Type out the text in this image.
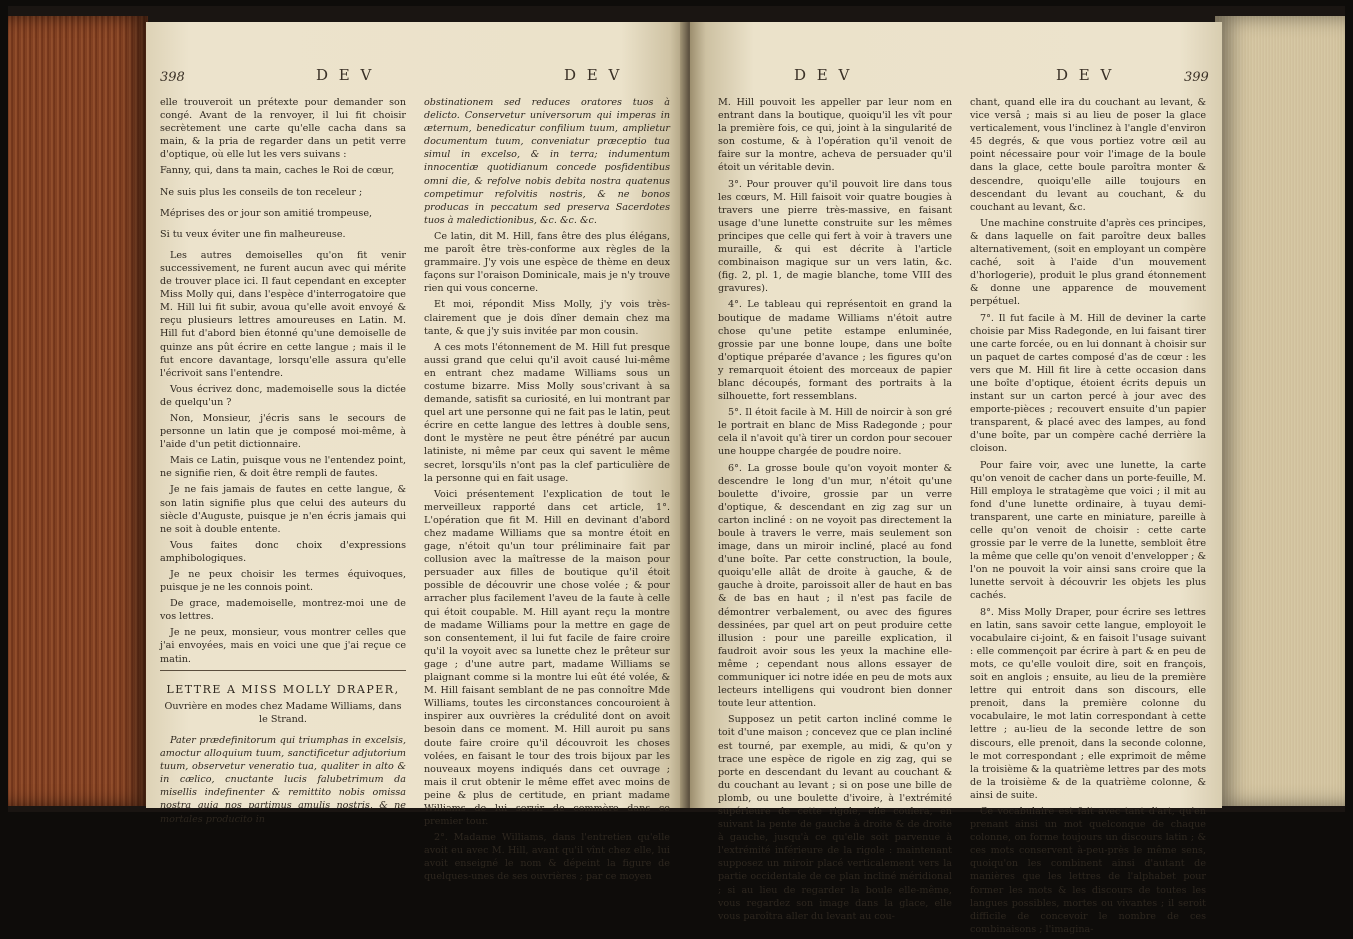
398	D E V	D E V

elle trouveroit un prétexte pour demander son congé. Avant de la renvoyer, il lui fit choisir secrètement une carte qu'elle cacha dans sa main, & la pria de regarder dans un petit verre d'optique, où elle lut les vers suivans :

Fanny, qui, dans ta main, caches le Roi de cœur,

Ne suis plus les conseils de ton receleur ;

Méprises des or jour son amitié trompeuse,

Si tu veux éviter une fin malheureuse.

Les autres demoiselles qu'on fit venir successivement, ne furent aucun avec qui mérite de trouver place ici. Il faut cependant en excepter Miss Molly qui, dans l'espèce d'interrogatoire que M. Hill lui fit subir, avoua qu'elle avoit envoyé & reçu plusieurs lettres amoureuses en Latin. M. Hill fut d'abord bien étonné qu'une demoiselle de quinze ans pût écrire en cette langue ; mais il le fut encore davantage, lorsqu'elle assura qu'elle l'écrivoit sans l'entendre.

Vous écrivez donc, mademoiselle sous la dictée de quelqu'un ?

Non, Monsieur, j'écris sans le secours de personne un latin que je composé moi-même, à l'aide d'un petit dictionnaire.

Mais ce Latin, puisque vous ne l'entendez point, ne signifie rien, & doit être rempli de fautes.

Je ne fais jamais de fautes en cette langue, & son latin signifie plus que celui des auteurs du siècle d'Auguste, puisque je n'en écris jamais qui ne soit à double entente.

Vous faites donc choix d'expressions amphibologiques.

Je ne peux choisir les termes équivoques, puisque je ne les connois point.

De grace, mademoiselle, montrez-moi une de vos lettres.

Je ne peux, monsieur, vous montrer celles que j'ai envoyées, mais en voici une que j'ai reçue ce matin.

LETTRE A MISS MOLLY DRAPER,

Ouvrière en modes chez Madame Williams, dans le Strand.

Pater prædefinitorum qui triumphas in excelsis, amoctur alloquium tuum, sanctificetur adjutorium tuum, observetur veneratio tua, qualiter in alto & in cælico, cnuctante lucis falubetrimum da misellis indefinenter & remittito nobis omissa nostra quia nos partimus amulis nostris, & ne mortales producito in

obstinationem sed reduces oratores tuos à delicto. Conservetur universorum qui imperas in æternum, benedicatur confilium tuum, amplietur documentum tuum, conveniatur præceptio tua simul in excelso, & in terra; indumentum innocentiæ quotidianum concede posfidentibus omni die, & refolve nobis debita nostra quatenus competimur refolvitis nostris, & ne bonos producas in peccatum sed preserva Sacerdotes tuos à maledictionibus, &c. &c. &c.

Ce latin, dit M. Hill, fans être des plus élégans, me paroît être très-conforme aux règles de la grammaire. J'y vois une espèce de thème en deux façons sur l'oraison Dominicale, mais je n'y trouve rien qui vous concerne.

Et moi, répondit Miss Molly, j'y vois très-clairement que je dois dîner demain chez ma tante, & que j'y suis invitée par mon cousin.

A ces mots l'étonnement de M. Hill fut presque aussi grand que celui qu'il avoit causé lui-même en entrant chez madame Williams sous un costume bizarre. Miss Molly sous'crivant à sa demande, satisfit sa curiosité, en lui montrant par quel art une personne qui ne fait pas le latin, peut écrire en cette langue des lettres à double sens, dont le mystère ne peut être pénétré par aucun latiniste, ni même par ceux qui savent le même secret, lorsqu'ils n'ont pas la clef particulière de la personne qui en fait usage.

Voici présentement l'explication de tout le merveilleux rapporté dans cet article, 1°. L'opération que fit M. Hill en devinant d'abord chez madame Williams que sa montre étoit en gage, n'étoit qu'un tour préliminaire fait par collusion avec la maîtresse de la maison pour persuader aux filles de boutique qu'il étoit possible de découvrir une chose volée ; & pour arracher plus facilement l'aveu de la faute à celle qui étoit coupable. M. Hill ayant reçu la montre de madame Williams pour la mettre en gage de son consentement, il lui fut facile de faire croire qu'il la voyoit avec sa lunette chez le prêteur sur gage ; d'une autre part, madame Williams se plaignant comme si la montre lui eût été volée, & M. Hill faisant semblant de ne pas connoître Mde Williams, toutes les circonstances concouroient à inspirer aux ouvrières la crédulité dont on avoit besoin dans ce moment. M. Hill auroit pu sans doute faire croire qu'il découvroit les choses volées, en faisant le tour des trois bijoux par les nouveaux moyens indiqués dans cet ouvrage ; mais il crut obtenir le même effet avec moins de peine & plus de certitude, en priant madame Williams de lui servir de commère dans ce premier tour.

2°. Madame Williams, dans l'entretien qu'elle avoit eu avec M. Hill, avant qu'il vînt chez elle, lui avoit enseigné le nom & dépeint la figure de quelques-unes de ses ouvrières ; par ce moyen

D E V	D E V	399

M. Hill pouvoit les appeller par leur nom en entrant dans la boutique, quoiqu'il les vît pour la première fois, ce qui, joint à la singularité de son costume, & à l'opération qu'il venoit de faire sur la montre, acheva de persuader qu'il étoit un véritable devin.

3°. Pour prouver qu'il pouvoit lire dans tous les cœurs, M. Hill faisoit voir quatre bougies à travers une pierre très-massive, en faisant usage d'une lunette construite sur les mêmes principes que celle qui fert à voir à travers une muraille, & qui est décrite à l'article combinaison magique sur un vers latin, &c. (fig. 2, pl. 1, de magie blanche, tome VIII des gravures).

4°. Le tableau qui représentoit en grand la boutique de madame Williams n'étoit autre chose qu'une petite estampe enluminée, grossie par une bonne loupe, dans une boîte d'optique préparée d'avance ; les figures qu'on y remarquoit étoient des morceaux de papier blanc découpés, formant des portraits à la silhouette, fort ressemblans.

5°. Il étoit facile à M. Hill de noircir à son gré le portrait en blanc de Miss Radegonde ; pour cela il n'avoit qu'à tirer un cordon pour secouer une houppe chargée de poudre noire.

6°. La grosse boule qu'on voyoit monter & descendre le long d'un mur, n'étoit qu'une boulette d'ivoire, grossie par un verre d'optique, & descendant en zig zag sur un carton incliné : on ne voyoit pas directement la boule à travers le verre, mais seulement son image, dans un miroir incliné, placé au fond d'une boîte. Par cette construction, la boule, quoiqu'elle allât de droite à gauche, & de gauche à droite, paroissoit aller de haut en bas & de bas en haut ; il n'est pas facile de démontrer verbalement, ou avec des figures dessinées, par quel art on peut produire cette illusion : pour une pareille explication, il faudroit avoir sous les yeux la machine elle-même ; cependant nous allons essayer de communiquer ici notre idée en peu de mots aux lecteurs intelligens qui voudront bien donner toute leur attention.

Supposez un petit carton incliné comme le toit d'une maison ; concevez que ce plan incliné est tourné, par exemple, au midi, & qu'on y trace une espèce de rigole en zig zag, qui se porte en descendant du levant au couchant & du couchant au levant ; si on pose une bille de plomb, ou une boulette d'ivoire, à l'extrémité supérieure de cette rigole, elle coulera, en suivant la pente de gauche à droite & de droite à gauche, jusqu'à ce qu'elle soit parvenue à l'extrémité inférieure de la rigole : maintenant supposez un miroir placé verticalement vers la partie occidentale de ce plan incliné méridional ; si au lieu de regarder la boule elle-même, vous regardez son image dans la glace, elle vous paroîtra aller du levant au cou-

chant, quand elle ira du couchant au levant, & vice versâ ; mais si au lieu de poser la glace verticalement, vous l'inclinez à l'angle d'environ 45 degrés, & que vous portiez votre œil au point nécessaire pour voir l'image de la boule dans la glace, cette boule paroîtra monter & descendre, quoiqu'elle aille toujours en descendant du levant au couchant, & du couchant au levant, &c.

Une machine construite d'après ces principes, & dans laquelle on fait paroître deux balles alternativement, (soit en employant un compère caché, soit à l'aide d'un mouvement d'horlogerie), produit le plus grand étonnement & donne une apparence de mouvement perpétuel.

7°. Il fut facile à M. Hill de deviner la carte choisie par Miss Radegonde, en lui faisant tirer une carte forcée, ou en lui donnant à choisir sur un paquet de cartes composé d'as de cœur : les vers que M. Hill fit lire à cette occasion dans une boîte d'optique, étoient écrits depuis un instant sur un carton percé à jour avec des emporte-pièces ; recouvert ensuite d'un papier transparent, & placé avec des lampes, au fond d'une boîte, par un compère caché derrière la cloison.

Pour faire voir, avec une lunette, la carte qu'on venoit de cacher dans un porte-feuille, M. Hill employa le stratagème que voici ; il mit au fond d'une lunette ordinaire, à tuyau demi-transparent, une carte en miniature, pareille à celle qu'on venoit de choisir : cette carte grossie par le verre de la lunette, sembloit être la même que celle qu'on venoit d'envelopper ; & l'on ne pouvoit la voir ainsi sans croire que la lunette servoit à découvrir les objets les plus cachés.

8°. Miss Molly Draper, pour écrire ses lettres en latin, sans savoir cette langue, employoit le vocabulaire ci-joint, & en faisoit l'usage suivant : elle commençoit par écrire à part & en peu de mots, ce qu'elle vouloit dire, soit en françois, soit en anglois ; ensuite, au lieu de la première lettre qui entroit dans son discours, elle prenoit, dans la première colonne du vocabulaire, le mot latin correspondant à cette lettre ; au-lieu de la seconde lettre de son discours, elle prenoit, dans la seconde colonne, le mot correspondant ; elle exprimoit de même la troisième & la quatrième lettres par des mots de la troisième & de la quatrième colonne, & ainsi de suite.

Ce vocabulaire est fait avec tant d'art, qu'en prenant ainsi un mot quelconque de chaque colonne, on forme toujours un discours latin ; & ces mots conservent à-peu-près le même sens, quoiqu'on les combinent ainsi d'autant de manières que les lettres de l'alphabet pour former les mots & les discours de toutes les langues possibles, mortes ou vivantes ; il seroit difficile de concevoir le nombre de ces combinaisons ; l'imagina-
